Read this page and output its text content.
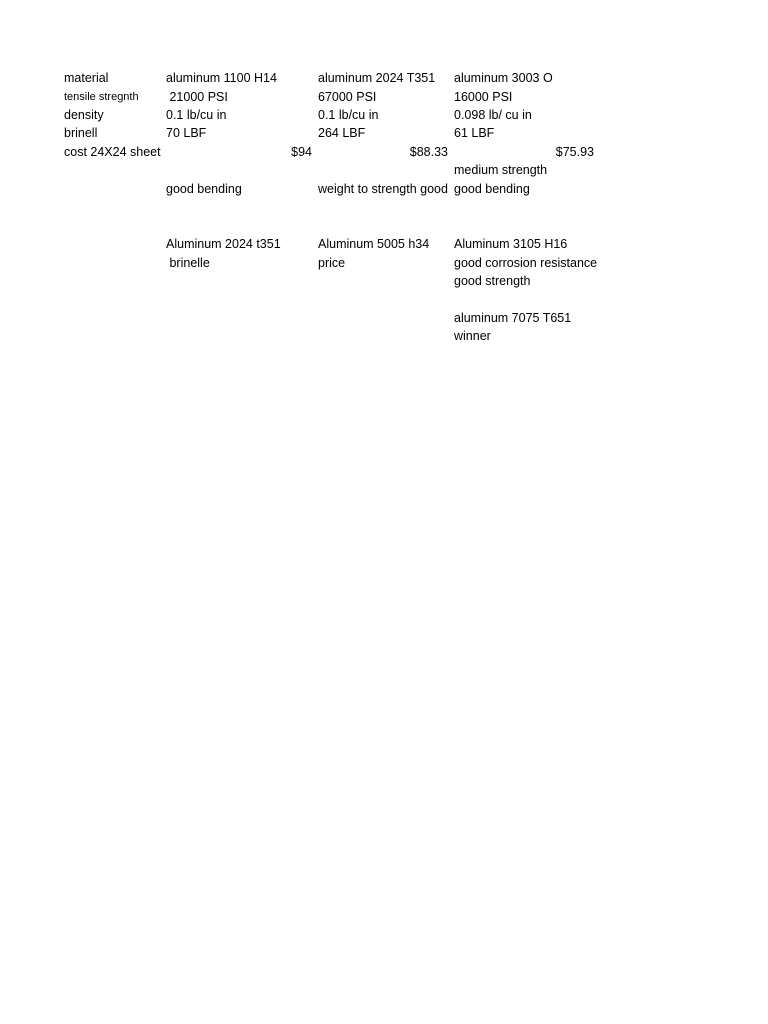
material
tensile stregnth
density
brinell
cost 24X24 sheet
aluminum 1100 H14
21000 PSI
0.1 lb/cu in
70 LBF
$94
good bending
aluminum 2024 T351
67000 PSI
0.1 lb/cu in
264 LBF
$88.33
weight to strength good
aluminum 3003 O
16000 PSI
0.098 lb/ cu in
61 LBF
$75.93
medium strength
good bending
Aluminum 2024 t351
brinelle
Aluminum 5005 h34
price
Aluminum 3105 H16
good corrosion resistance
good strength
aluminum 7075 T651
winner
